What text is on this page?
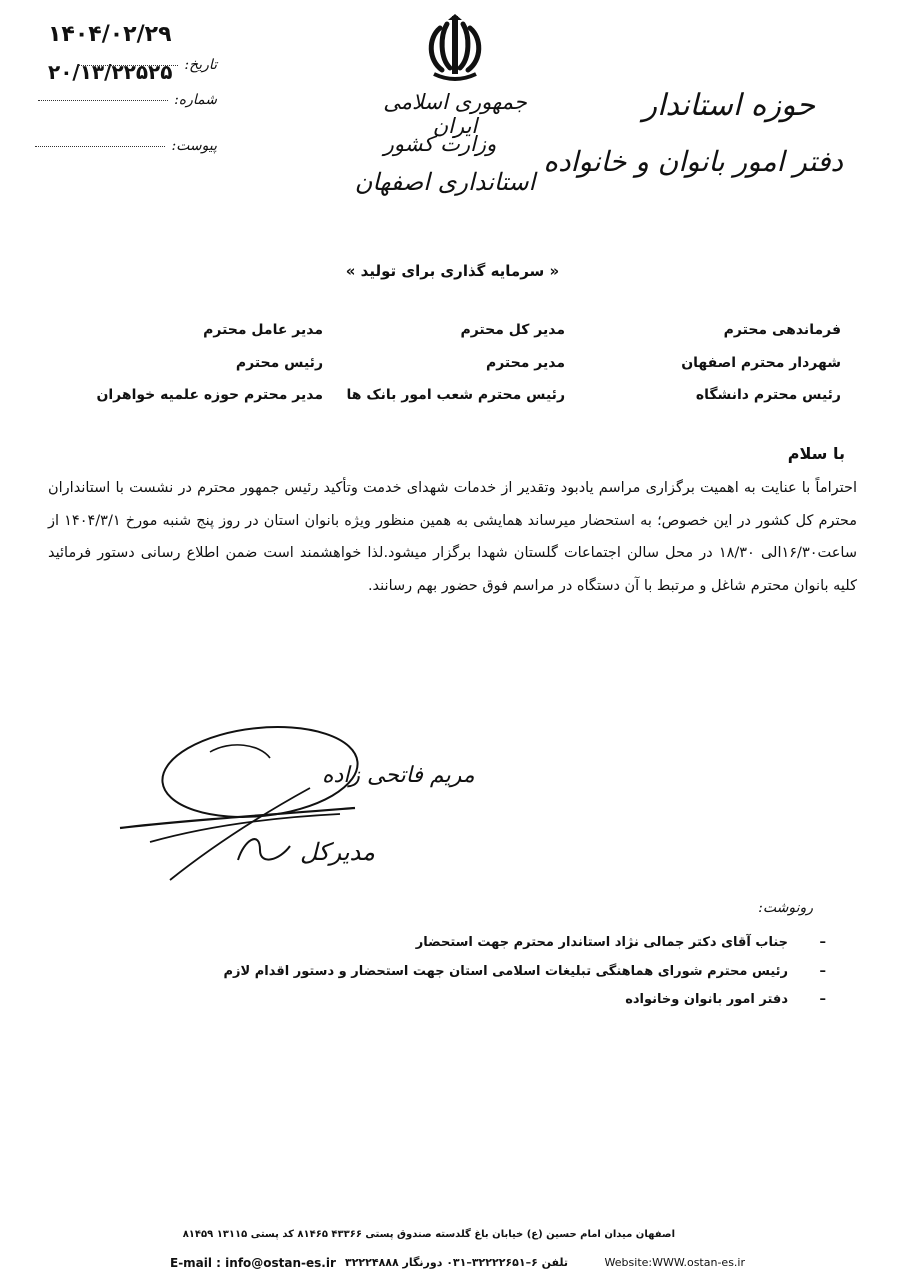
۱۴۰۴/۰۲/۲۹
۲۰/۱۳/۲۲۵۲۵ تاریخ:
شماره:
پیوست:
جمهوری اسلامی ایران
وزارت کشور
استانداری اصفهان
حوزه استاندار
دفتر امور بانوان و خانواده
« سرمایه گذاری برای تولید »
فرماندهی محترم
شهردار محترم اصفهان
رئیس محترم دانشگاه
مدیر کل محترم
مدیر محترم
رئیس محترم شعب امور بانک ها
مدیر عامل محترم
رئیس محترم
مدیر محترم حوزه علمیه خواهران
با سلام
احتراماً با عنایت به اهمیت برگزاری مراسم یادبود وتقدیر از خدمات شهدای خدمت وتأکید رئیس جمهور محترم در نشست با استانداران محترم کل کشور در این خصوص؛ به استحضار میرساند همایشی به همین منظور ویژه بانوان استان در روز پنج شنبه مورخ ۱۴۰۴/۳/۱ از ساعت۱۶/۳۰الی ۱۸/۳۰ در محل سالن اجتماعات گلستان شهدا برگزار میشود.لذا خواهشمند است ضمن اطلاع رسانی دستور فرمائید کلیه بانوان محترم شاغل و مرتبط با آن دستگاه در مراسم فوق حضور بهم رسانند.
مریم فاتحی زاده
مدیرکل
رونوشت:
–
جناب آقای دکتر جمالی نژاد استاندار محترم جهت استحضار
–
رئیس محترم شورای هماهنگی تبلیغات اسلامی استان جهت استحضار و دستور اقدام لازم
–
دفتر امور بانوان وخانواده
اصفهان میدان امام حسین (ع) خیابان باغ گلدسته صندوق پستی ۴۳۳۶۶ ۸۱۴۶۵ کد پستی ۱۳۱۱۵ ۸۱۴۵۹
Website:WWW.ostan-es.ir
تلفن ۶–۳۲۲۲۲۶۵۱–۰۳۱ دورنگار ۳۲۲۲۴۸۸۸
E-mail : info@ostan-es.ir
